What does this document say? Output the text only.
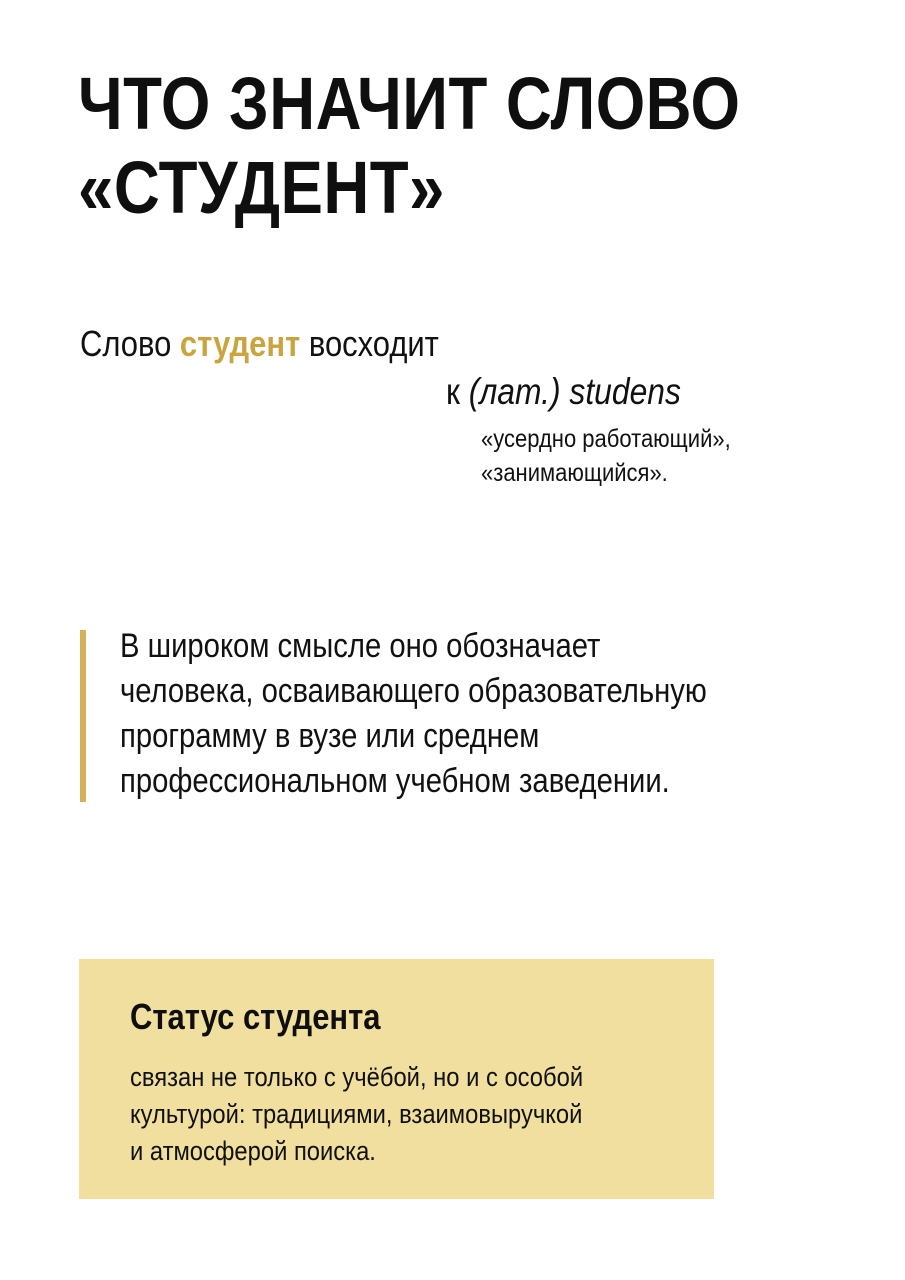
ЧТО ЗНАЧИТ СЛОВО
«СТУДЕНТ»
Слово студент восходит
к (лат.) studens
«усердно работающий»,
«занимающийся».
В широком смысле оно обозначает
человека, осваивающего образовательную
программу в вузе или среднем
профессиональном учебном заведении.
Статус студента
связан не только с учёбой, но и с особой
культурой: традициями, взаимовыручкой
и атмосферой поиска.
